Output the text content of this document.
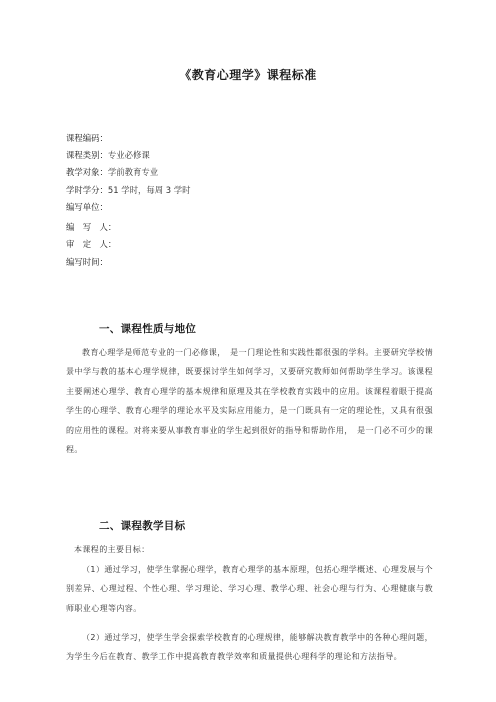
《教育心理学》课程标准
课程编码：
课程类别：专业必修课
教学对象：学前教育专业
学时学分：51 学时，每周 3 学时
编写单位：
编　写　人：
审　定　人：
编写时间：
一、课程性质与地位
教育心理学是师范专业的一门必修课，　是一门理论性和实践性都很强的学科。主要研究学校情景中学与教的基本心理学规律，既要探讨学生如何学习，又要研究教师如何帮助学生学习。该课程主要阐述心理学、教育心理学的基本规律和原理及其在学校教育实践中的应用。该课程着眼于提高学生的心理学、教育心理学的理论水平及实际应用能力，是一门既具有一定的理论性，又具有很强的应用性的课程。对将来要从事教育事业的学生起到很好的指导和帮助作用，　是一门必不可少的课程。
二、课程教学目标
本课程的主要目标：
（1）通过学习，使学生掌握心理学，教育心理学的基本原理，包括心理学概述、心理发展与个别差异、心理过程、个性心理、学习理论、学习心理、教学心理、社会心理与行为、心理健康与教师职业心理等内容。
（2）通过学习，使学生学会探索学校教育的心理规律，能够解决教育教学中的各种心理问题，为学生今后在教育、教学工作中提高教育教学效率和质量提供心理科学的理论和方法指导。
